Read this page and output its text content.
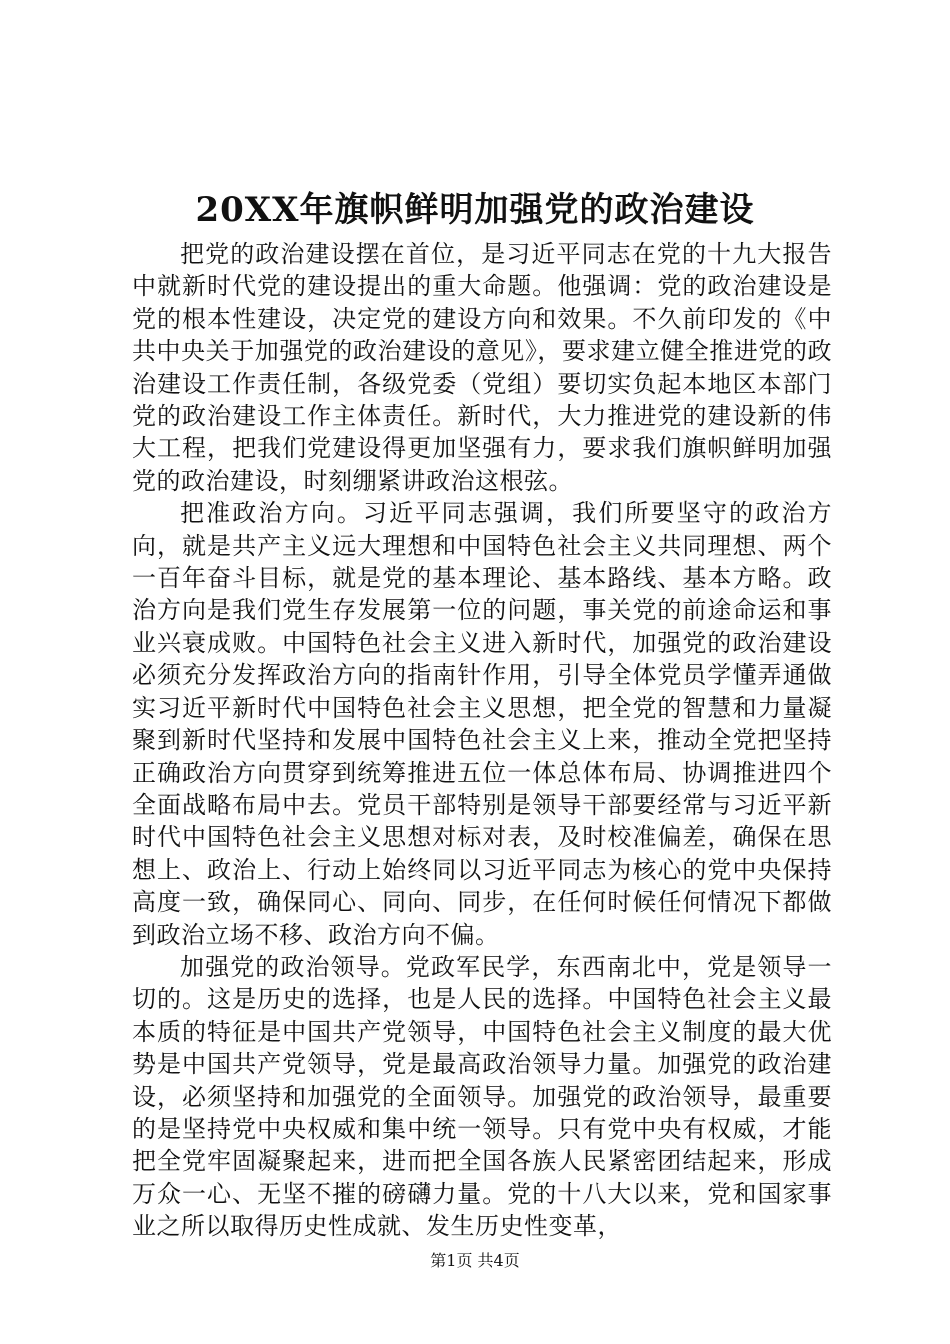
20XX年旗帜鲜明加强党的政治建设

把党的政治建设摆在首位，是习近平同志在党的十九大报告中就新时代党的建设提出的重大命题。他强调：党的政治建设是党的根本性建设，决定党的建设方向和效果。不久前印发的《中共中央关于加强党的政治建设的意见》，要求建立健全推进党的政治建设工作责任制，各级党委（党组）要切实负起本地区本部门党的政治建设工作主体责任。新时代，大力推进党的建设新的伟大工程，把我们党建设得更加坚强有力，要求我们旗帜鲜明加强党的政治建设，时刻绷紧讲政治这根弦。

把准政治方向。习近平同志强调，我们所要坚守的政治方向，就是共产主义远大理想和中国特色社会主义共同理想、两个一百年奋斗目标，就是党的基本理论、基本路线、基本方略。政治方向是我们党生存发展第一位的问题，事关党的前途命运和事业兴衰成败。中国特色社会主义进入新时代，加强党的政治建设必须充分发挥政治方向的指南针作用，引导全体党员学懂弄通做实习近平新时代中国特色社会主义思想，把全党的智慧和力量凝聚到新时代坚持和发展中国特色社会主义上来，推动全党把坚持正确政治方向贯穿到统筹推进五位一体总体布局、协调推进四个全面战略布局中去。党员干部特别是领导干部要经常与习近平新时代中国特色社会主义思想对标对表，及时校准偏差，确保在思想上、政治上、行动上始终同以习近平同志为核心的党中央保持高度一致，确保同心、同向、同步，在任何时候任何情况下都做到政治立场不移、政治方向不偏。

加强党的政治领导。党政军民学，东西南北中，党是领导一切的。这是历史的选择，也是人民的选择。中国特色社会主义最本质的特征是中国共产党领导，中国特色社会主义制度的最大优势是中国共产党领导，党是最高政治领导力量。加强党的政治建设，必须坚持和加强党的全面领导。加强党的政治领导，最重要的是坚持党中央权威和集中统一领导。只有党中央有权威，才能把全党牢固凝聚起来，进而把全国各族人民紧密团结起来，形成万众一心、无坚不摧的磅礴力量。党的十八大以来，党和国家事业之所以取得历史性成就、发生历史性变革，

第1页 共4页
